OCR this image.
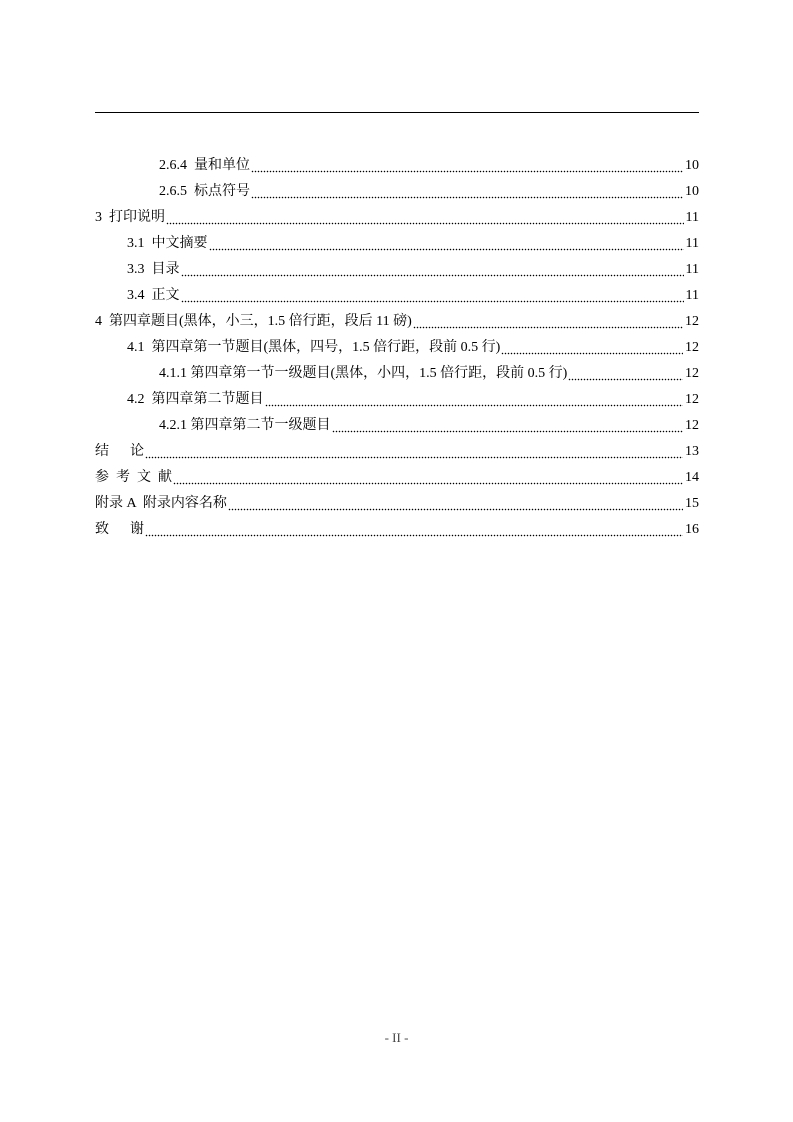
2.6.4  量和单位	10
2.6.5  标点符号	10
3  打印说明	11
3.1  中文摘要	11
3.3  目录	11
3.4  正文	11
4  第四章题目(黑体，小三，1.5 倍行距，段后 11 磅)	12
4.1  第四章第一节题目(黑体，四号，1.5 倍行距，段前 0.5 行)	12
4.1.1 第四章第一节一级题目(黑体，小四，1.5 倍行距，段前 0.5 行)	12
4.2  第四章第二节题目	12
4.2.1 第四章第二节一级题目	12
结      论	13
参  考  文  献	14
附录 A  附录内容名称	15
致      谢	16
- II -
